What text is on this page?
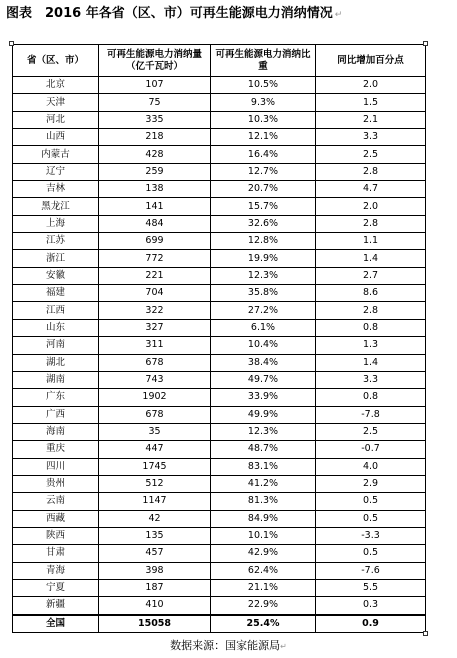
图表　2016 年各省（区、市）可再生能源电力消纳情况 ↵
省（区、市）	可再生能源电力消纳量（亿千瓦时）	可再生能源电力消纳比重	同比增加百分点
北京	107	10.5%	2.0
天津	75	9.3%	1.5
河北	335	10.3%	2.1
山西	218	12.1%	3.3
内蒙古	428	16.4%	2.5
辽宁	259	12.7%	2.8
吉林	138	20.7%	4.7
黑龙江	141	15.7%	2.0
上海	484	32.6%	2.8
江苏	699	12.8%	1.1
浙江	772	19.9%	1.4
安徽	221	12.3%	2.7
福建	704	35.8%	8.6
江西	322	27.2%	2.8
山东	327	6.1%	0.8
河南	311	10.4%	1.3
湖北	678	38.4%	1.4
湖南	743	49.7%	3.3
广东	1902	33.9%	0.8
广西	678	49.9%	-7.8
海南	35	12.3%	2.5
重庆	447	48.7%	-0.7
四川	1745	83.1%	4.0
贵州	512	41.2%	2.9
云南	1147	81.3%	0.5
西藏	42	84.9%	0.5
陕西	135	10.1%	-3.3
甘肃	457	42.9%	0.5
青海	398	62.4%	-7.6
宁夏	187	21.1%	5.5
新疆	410	22.9%	0.3
全国	15058	25.4%	0.9
数据来源：国家能源局↵
